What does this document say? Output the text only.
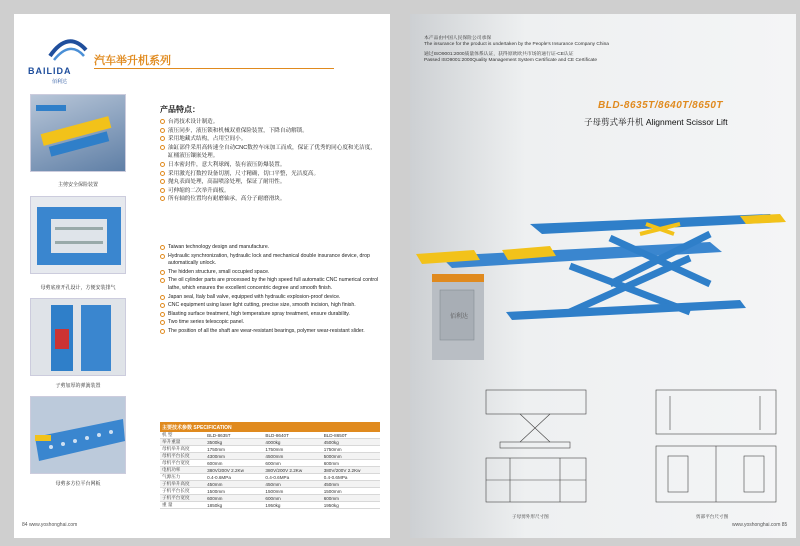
BAILIDA
佰利达
汽车举升机系列
主剪安全保险装置
母剪底座开孔设计，方便安装排气
子剪加厚的弹簧装置
母剪多方位平台网板
产品特点：
台湾技术设计制造。
液压同步，液压锁和机械双重保险装置，下降自动解锁。
采用地藏式结构，占用空间小。
油缸部件采用高转速全自动CNC数控车床加工而成，保证了优秀的同心度和光洁度，缸桶液压镶嵌处理。
日本密封件，意大利球阀，装有液压防爆装置。
采用激光打数控设备切割，尺寸精确，切口平整，光洁度高。
抛丸表面处理，高温喷涂处理，保证了耐用性。
可伸缩的二次举升面板。
所有轴的位置均有耐磨轴承，高分子耐磨滑块。
Taiwan technology design and manufacture.
Hydraulic synchronization, hydraulic lock and mechanical double insurance device, drop automatically unlock.
The hidden structure, small occupied space.
The oil cylinder parts are processed by the high speed full automatic CNC numerical control lathe, which ensures the excellent concentric degree and smooth finish.
Japan seal, Italy ball valve, equipped with hydraulic explosion-proof device.
CNC equipment using laser light cutting, precise size, smooth incision, high finish.
Blasting surface treatment, high temperature spray treatment, ensure durability.
Two time series telescopic panel.
The position of all the shaft are wear-resistant bearings, polymer wear-resistant slider.
主要技术参数 SPECIFICATION			
机 型	BLD-8635T	BLD-8640T	BLD-8650T
举升重量	3500kg	4000kg	4500kg
母机举升高度	1750mm	1750mm	1750mm
母机平台长度	4300mm	4500mm	5000mm
母机平台宽度	600mm	600mm	600mm
电机功率	380V/200V 2.2Kw	380V/200V 2.2Kw	380V/200V 2.2Kw
气源压力	0.4-0.6MPa	0.4-0.6MPa	0.4-0.6MPa
子机举升高度	450mm	450mm	450mm
子机平台长度	1500mm	1500mm	1500mm
子机平台宽度	600mm	600mm	600mm
重 量	1850kg	1950kg	1950kg
84 www.yoshonghai.com
本产品由中国人民保险公司承保
The insurance for the product is undertaken by the People's Insurance Company China
通过ISO9001:2000质量体系认证，获得原欧欧共市场的通行证-CE认证
Passed ISO9001:2000Quality Management System Certificate and CE Certificate
BLD-8635T/8640T/8650T
子母剪式举升机 Alignment Scissor Lift
佰利达
子母剪外形尺寸图	剪部平台尺寸图
www.yoshonghai.com 85
